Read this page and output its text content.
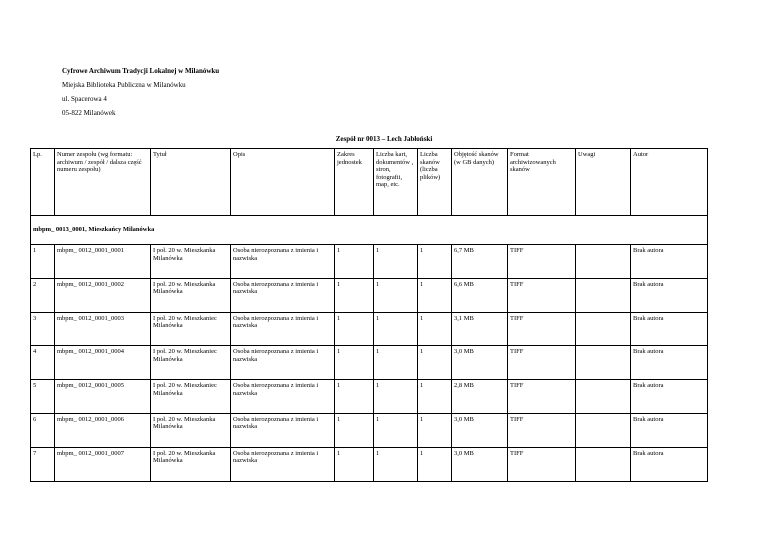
Cyfrowe Archiwum Tradycji Lokalnej w Milanówku
Miejska Biblioteka Publiczna w Milanówku
ul. Spacerowa 4
05-822 Milanówek
Zespół nr 0013 – Lech Jabłoński
Lp.	Numer zespołu (wg formatu: archiwum / zespół / dalsza część numeru zespołu)	Tytuł	Opis	Zakres jednostek	Liczba kart, dokumentów , stron, fotografii, map, etc.	Liczba skanów (liczba plików)	Objętość skanów (w GB danych)	Format archiwizowanych skanów	Uwagi	Autor
mbpm_ 0013_0001, Mieszkańcy Milanówka										
1	mbpm_ 0012_0001_0001	I poł. 20 w. Mieszkanka Milanówka	Osoba nierozpoznana z imienia i nazwiska	1	1	1	6,7 MB	TIFF		Brak autora
2	mbpm_ 0012_0001_0002	I poł. 20 w. Mieszkanka Milanówka	Osoba nierozpoznana z imienia i nazwiska	1	1	1	6,6 MB	TIFF		Brak autora
3	mbpm_ 0012_0001_0003	I poł. 20 w. Mieszkaniec Milanówka	Osoba nierozpoznana z imienia i nazwiska	1	1	1	3,1 MB	TIFF		Brak autora
4	mbpm_ 0012_0001_0004	I poł. 20 w. Mieszkaniec Milanówka	Osoba nierozpoznana z imienia i nazwiska	1	1	1	3,0 MB	TIFF		Brak autora
5	mbpm_ 0012_0001_0005	I poł. 20 w. Mieszkaniec Milanówka	Osoba nierozpoznana z imienia i nazwiska	1	1	1	2,8 MB	TIFF		Brak autora
6	mbpm_ 0012_0001_0006	I poł. 20 w. Mieszkanka Milanówka	Osoba nierozpoznana z imienia i nazwiska	1	1	1	3,0 MB	TIFF		Brak autora
7	mbpm_ 0012_0001_0007	I poł. 20 w. Mieszkanka Milanówka	Osoba nierozpoznana z imienia i nazwiska	1	1	1	3,0 MB	TIFF		Brak autora
